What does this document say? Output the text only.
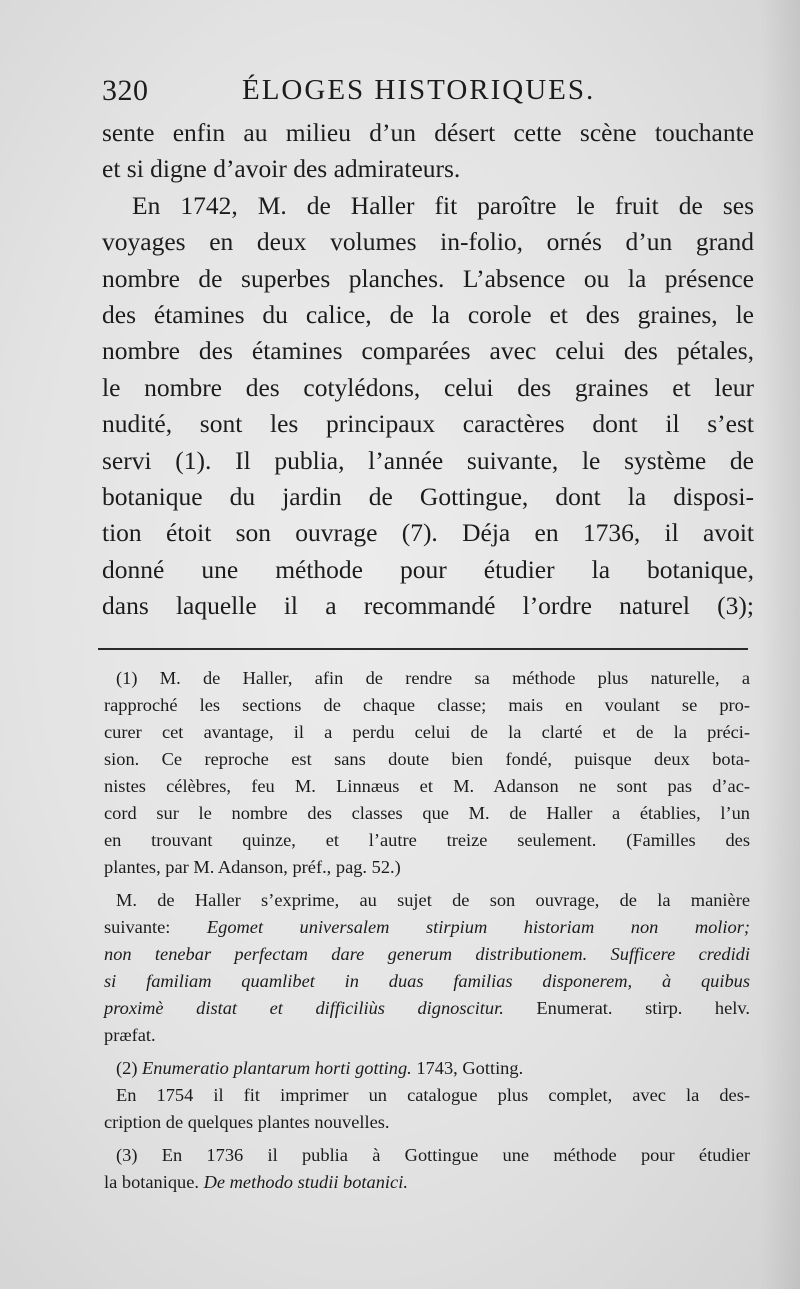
320	ÉLOGES HISTORIQUES.
sente enfin au milieu d’un désert cette scène touchante
et si digne d’avoir des admirateurs.
En 1742, M. de Haller fit paroître le fruit de ses
voyages en deux volumes in-folio, ornés d’un grand
nombre de superbes planches. L’absence ou la présence
des étamines du calice, de la corole et des graines, le
nombre des étamines comparées avec celui des pétales,
le nombre des cotylédons, celui des graines et leur
nudité, sont les principaux caractères dont il s’est
servi (1). Il publia, l’année suivante, le système de
botanique du jardin de Gottingue, dont la disposi-
tion étoit son ouvrage (7). Déja en 1736, il avoit
donné une méthode pour étudier la botanique,
dans laquelle il a recommandé l’ordre naturel (3);
(1) M. de Haller, afin de rendre sa méthode plus naturelle, a
rapproché les sections de chaque classe; mais en voulant se pro-
curer cet avantage, il a perdu celui de la clarté et de la préci-
sion. Ce reproche est sans doute bien fondé, puisque deux bota-
nistes célèbres, feu M. Linnæus et M. Adanson ne sont pas d’ac-
cord sur le nombre des classes que M. de Haller a établies, l’un
en trouvant quinze, et l’autre treize seulement. (Familles des
plantes, par M. Adanson, préf., pag. 52.)
M. de Haller s’exprime, au sujet de son ouvrage, de la manière
suivante: Egomet universalem stirpium historiam non molior;
non tenebar perfectam dare generum distributionem. Sufficere credidi
si familiam quamlibet in duas familias disponerem, à quibus
proximè distat et difficiliùs dignoscitur. Enumerat. stirp. helv.
præfat.
(2) Enumeratio plantarum horti gotting. 1743, Gotting.
En 1754 il fit imprimer un catalogue plus complet, avec la des-
cription de quelques plantes nouvelles.
(3) En 1736 il publia à Gottingue une méthode pour étudier
la botanique. De methodo studii botanici.
